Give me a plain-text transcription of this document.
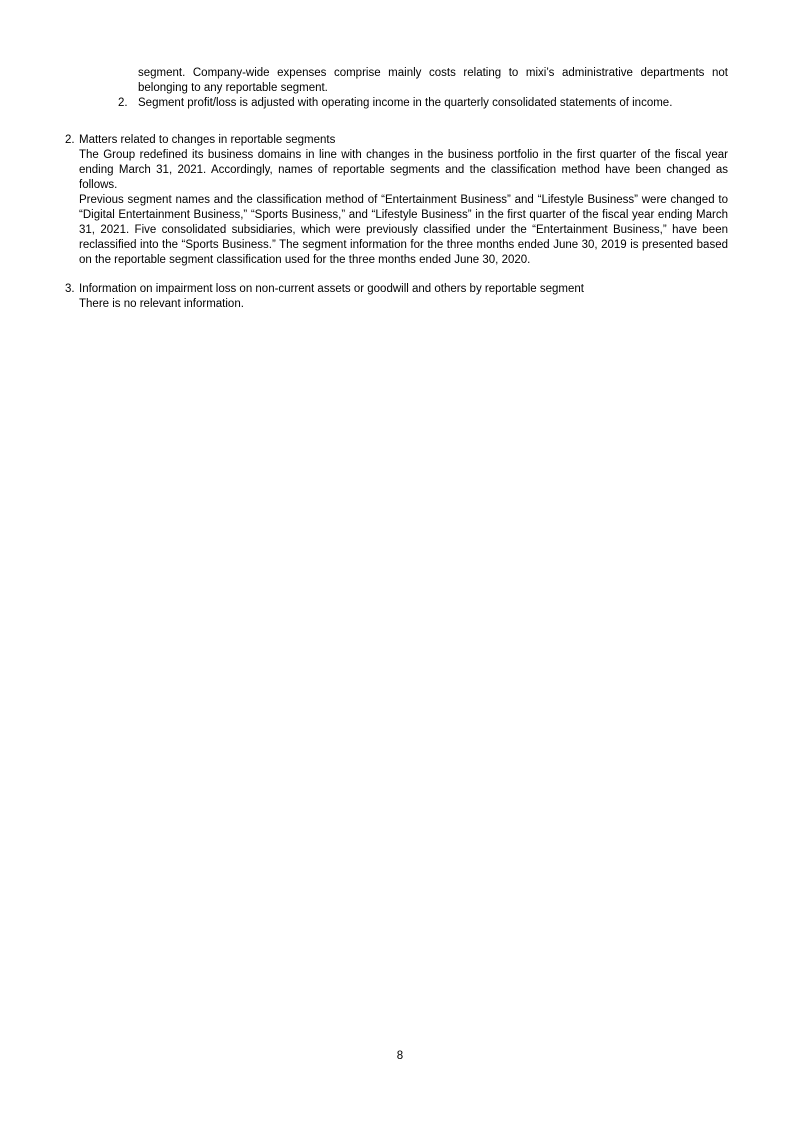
segment. Company-wide expenses comprise mainly costs relating to mixi’s administrative departments not belonging to any reportable segment.

2. Segment profit/loss is adjusted with operating income in the quarterly consolidated statements of income.
2. Matters related to changes in reportable segments

The Group redefined its business domains in line with changes in the business portfolio in the first quarter of the fiscal year ending March 31, 2021. Accordingly, names of reportable segments and the classification method have been changed as follows.

Previous segment names and the classification method of “Entertainment Business” and “Lifestyle Business” were changed to “Digital Entertainment Business,” “Sports Business,” and “Lifestyle Business” in the first quarter of the fiscal year ending March 31, 2021. Five consolidated subsidiaries, which were previously classified under the “Entertainment Business,” have been reclassified into the “Sports Business.” The segment information for the three months ended June 30, 2019 is presented based on the reportable segment classification used for the three months ended June 30, 2020.

3. Information on impairment loss on non-current assets or goodwill and others by reportable segment

There is no relevant information.

8
